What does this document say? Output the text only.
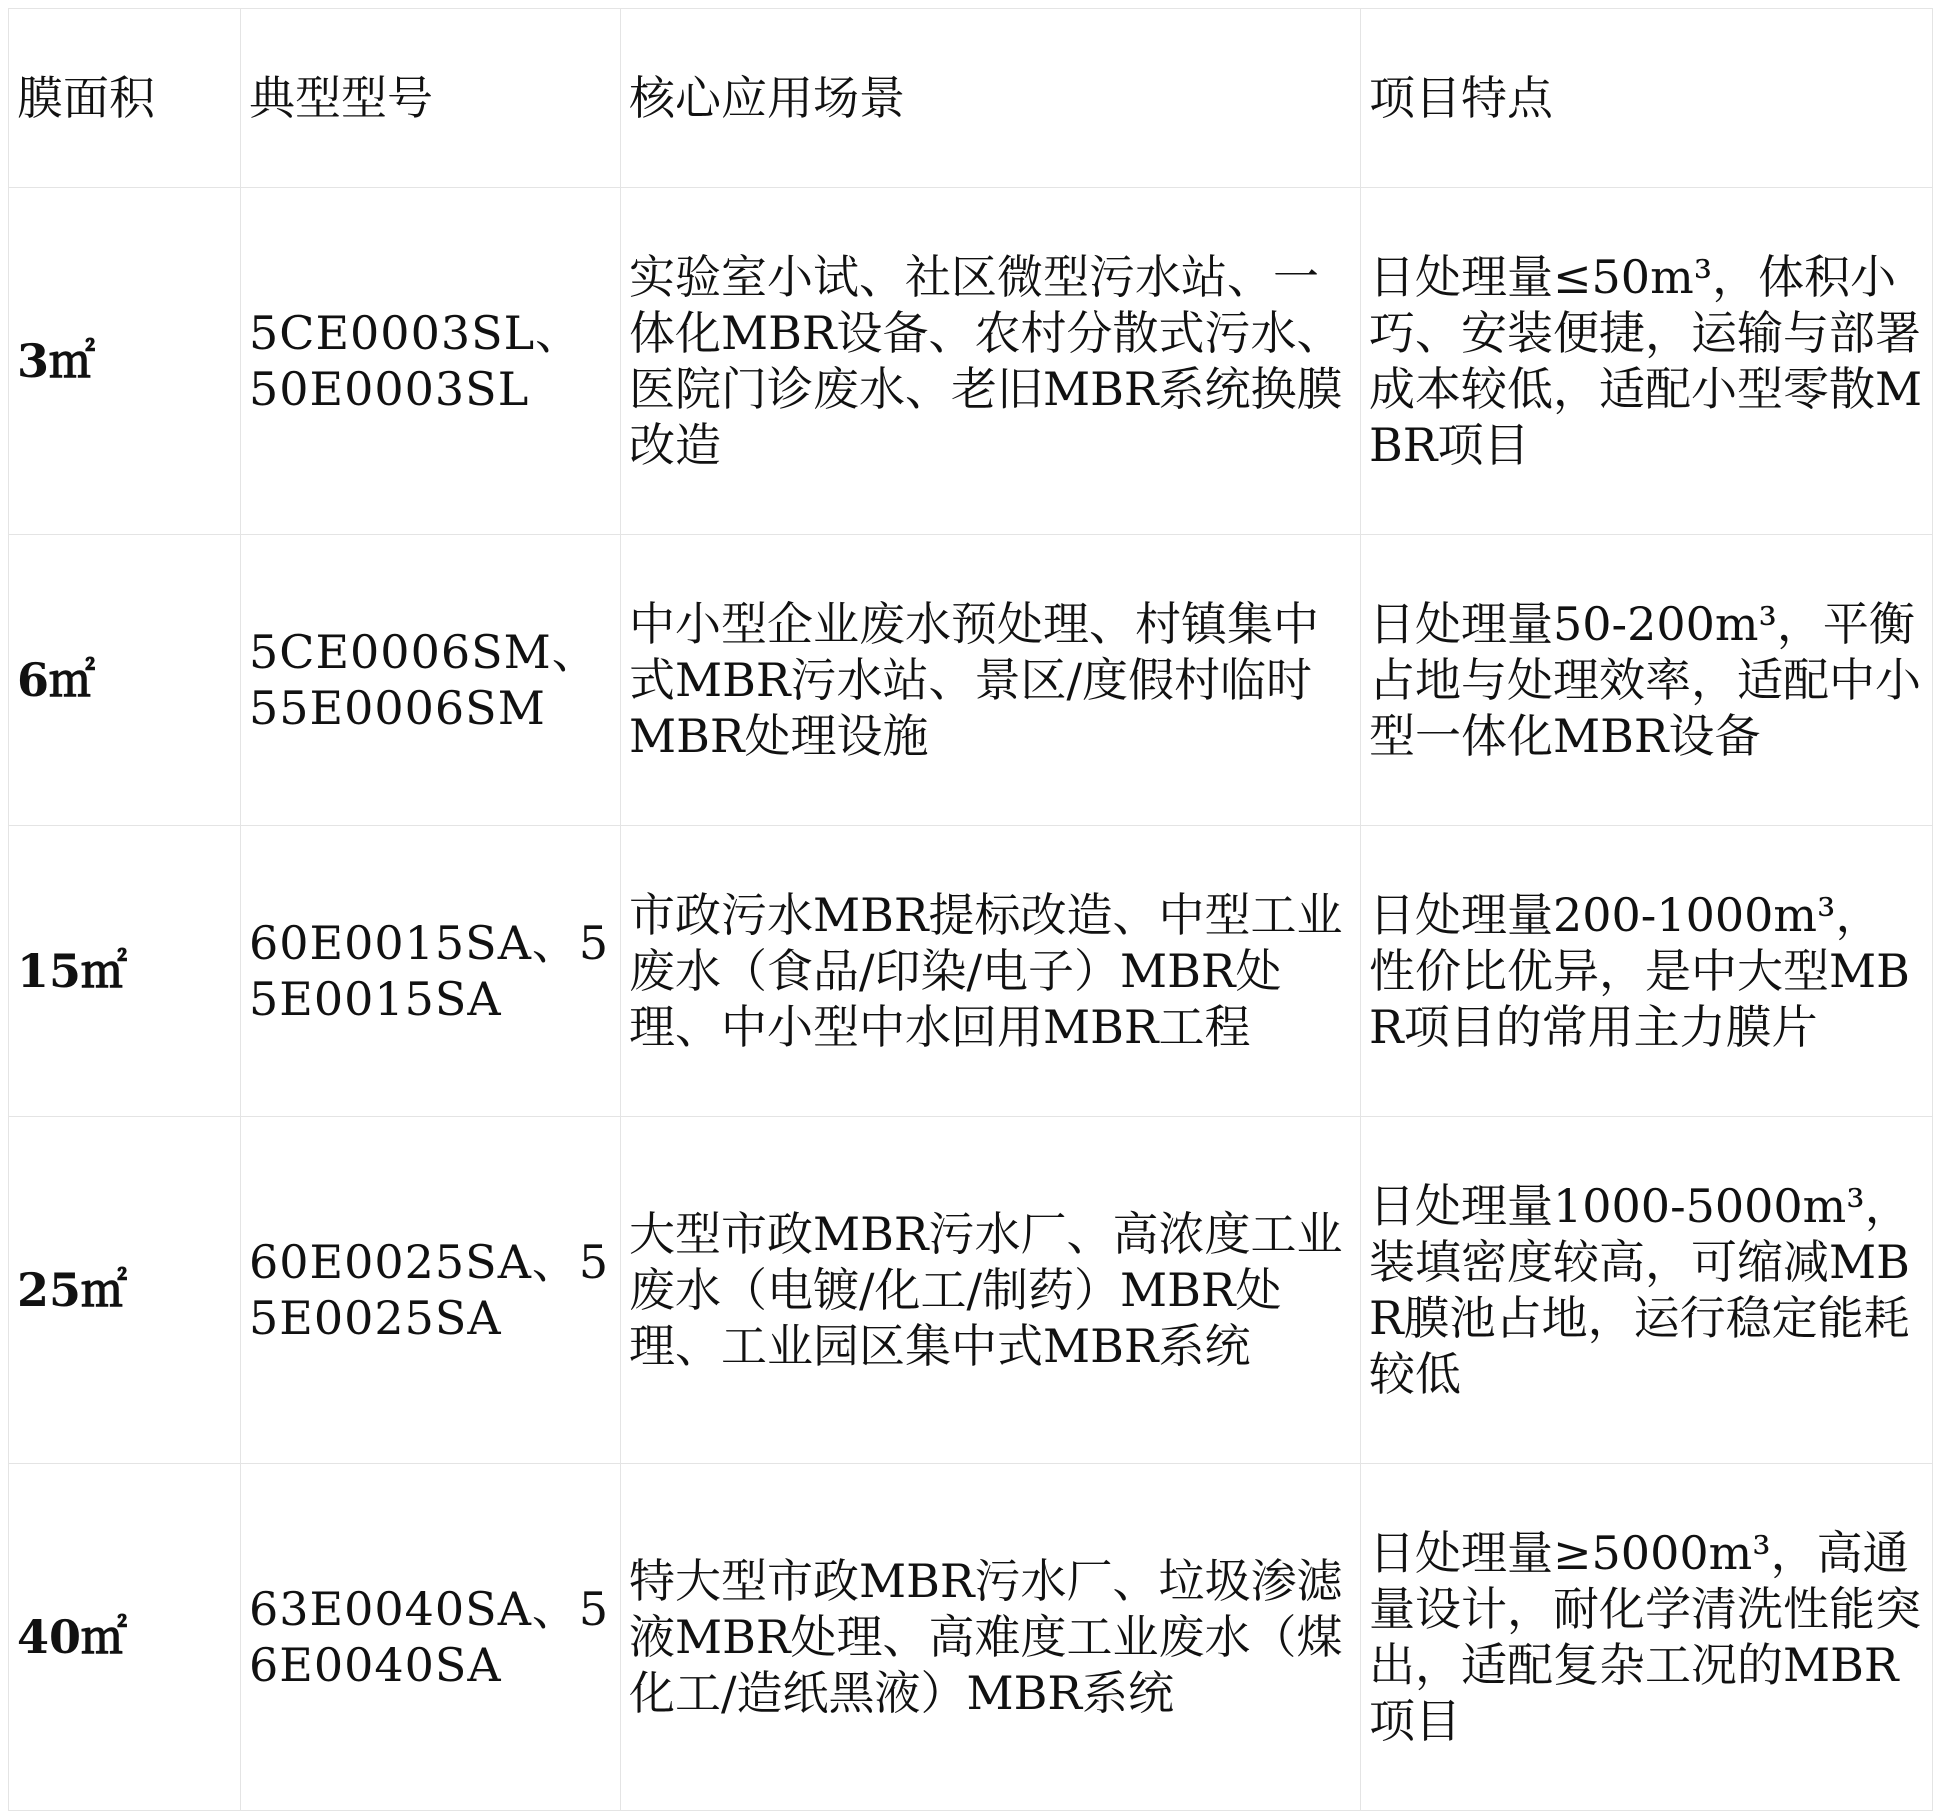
膜面积	典型型号	核心应用场景	项目特点
3㎡	5CE0003SL、50E0003SL	实验室小试、社区微型污水站、一体化MBR设备、农村分散式污水、医院门诊废水、老旧MBR系统换膜改造	日处理量≤50m³，体积小巧、安装便捷，运输与部署成本较低，适配小型零散MBR项目
6㎡	5CE0006SM、55E0006SM	中小型企业废水预处理、村镇集中式MBR污水站、景区/度假村临时MBR处理设施	日处理量50-200m³，平衡占地与处理效率，适配中小型一体化MBR设备
15㎡	60E0015SA、55E0015SA	市政污水MBR提标改造、中型工业废水（食品/印染/电子）MBR处理、中小型中水回用MBR工程	日处理量200-1000m³，性价比优异，是中大型MBR项目的常用主力膜片
25㎡	60E0025SA、55E0025SA	大型市政MBR污水厂、高浓度工业废水（电镀/化工/制药）MBR处理、工业园区集中式MBR系统	日处理量1000-5000m³，装填密度较高，可缩减MBR膜池占地，运行稳定能耗较低
40㎡	63E0040SA、56E0040SA	特大型市政MBR污水厂、垃圾渗滤液MBR处理、高难度工业废水（煤化工/造纸黑液）MBR系统	日处理量≥5000m³，高通量设计，耐化学清洗性能突出，适配复杂工况的MBR项目
